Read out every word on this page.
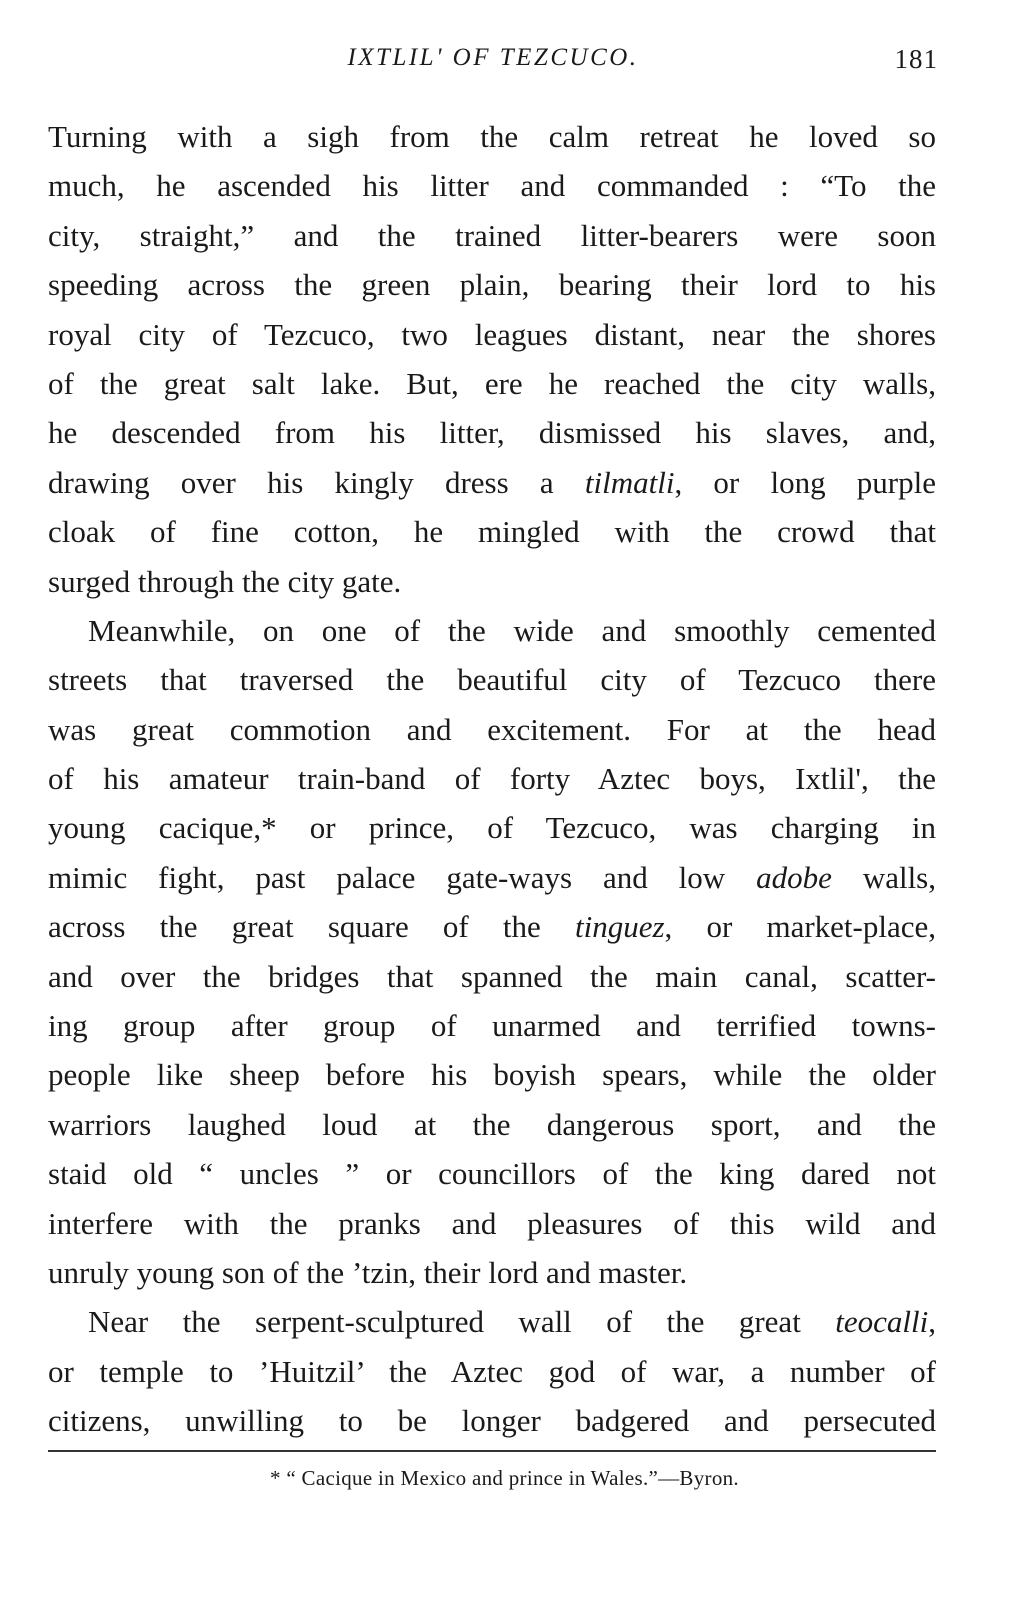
IXTLIL' OF TEZCUCO.	181
Turning with a sigh from the calm retreat he loved so
much, he ascended his litter and commanded : “To the
city, straight,” and the trained litter-bearers were soon
speeding across the green plain, bearing their lord to his
royal city of Tezcuco, two leagues distant, near the shores
of the great salt lake. But, ere he reached the city walls,
he descended from his litter, dismissed his slaves, and,
drawing over his kingly dress a tilmatli, or long purple
cloak of fine cotton, he mingled with the crowd that
surged through the city gate.
Meanwhile, on one of the wide and smoothly cemented
streets that traversed the beautiful city of Tezcuco there
was great commotion and excitement. For at the head
of his amateur train-band of forty Aztec boys, Ixtlil', the
young cacique,* or prince, of Tezcuco, was charging in
mimic fight, past palace gate-ways and low adobe walls,
across the great square of the tinguez, or market-place,
and over the bridges that spanned the main canal, scatter-
ing group after group of unarmed and terrified towns-
people like sheep before his boyish spears, while the older
warriors laughed loud at the dangerous sport, and the
staid old “ uncles ” or councillors of the king dared not
interfere with the pranks and pleasures of this wild and
unruly young son of the ’tzin, their lord and master.
Near the serpent-sculptured wall of the great teocalli,
or temple to ’Huitzil’ the Aztec god of war, a number of
citizens, unwilling to be longer badgered and persecuted
* “ Cacique in Mexico and prince in Wales.”—Byron.
